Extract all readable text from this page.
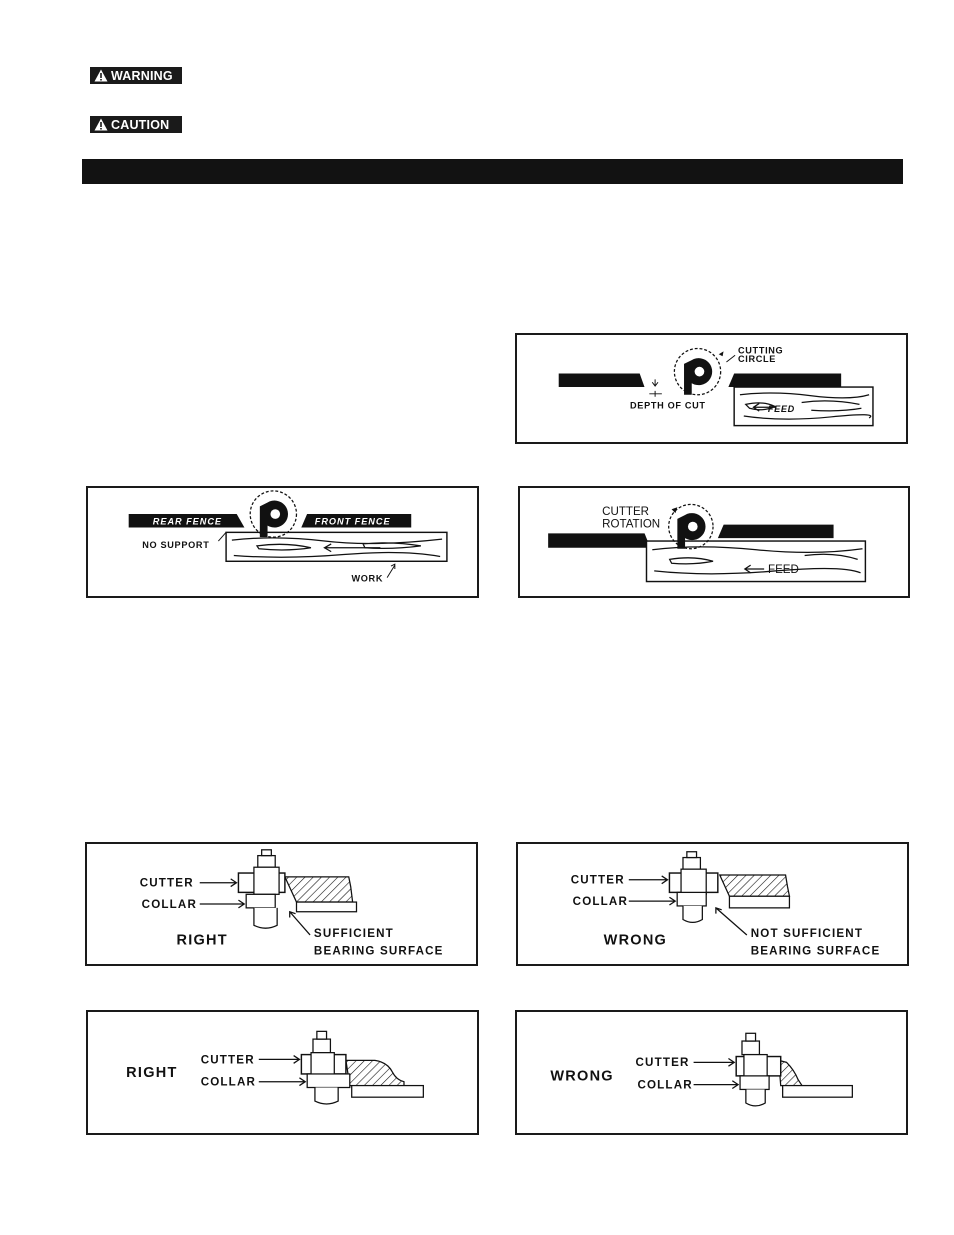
WARNING
CAUTION
CUTTING
CIRCLE
DEPTH OF CUT	FEED
REAR FENCE	FRONT FENCE
NO SUPPORT
WORK
CUTTER
ROTATION
FEED
CUTTER
COLLAR
RIGHT	SUFFICIENT
BEARING SURFACE
CUTTER
COLLAR
WRONG	NOT SUFFICIENT
BEARING SURFACE
RIGHT
CUTTER
COLLAR	WRONG
CUTTER
COLLAR
